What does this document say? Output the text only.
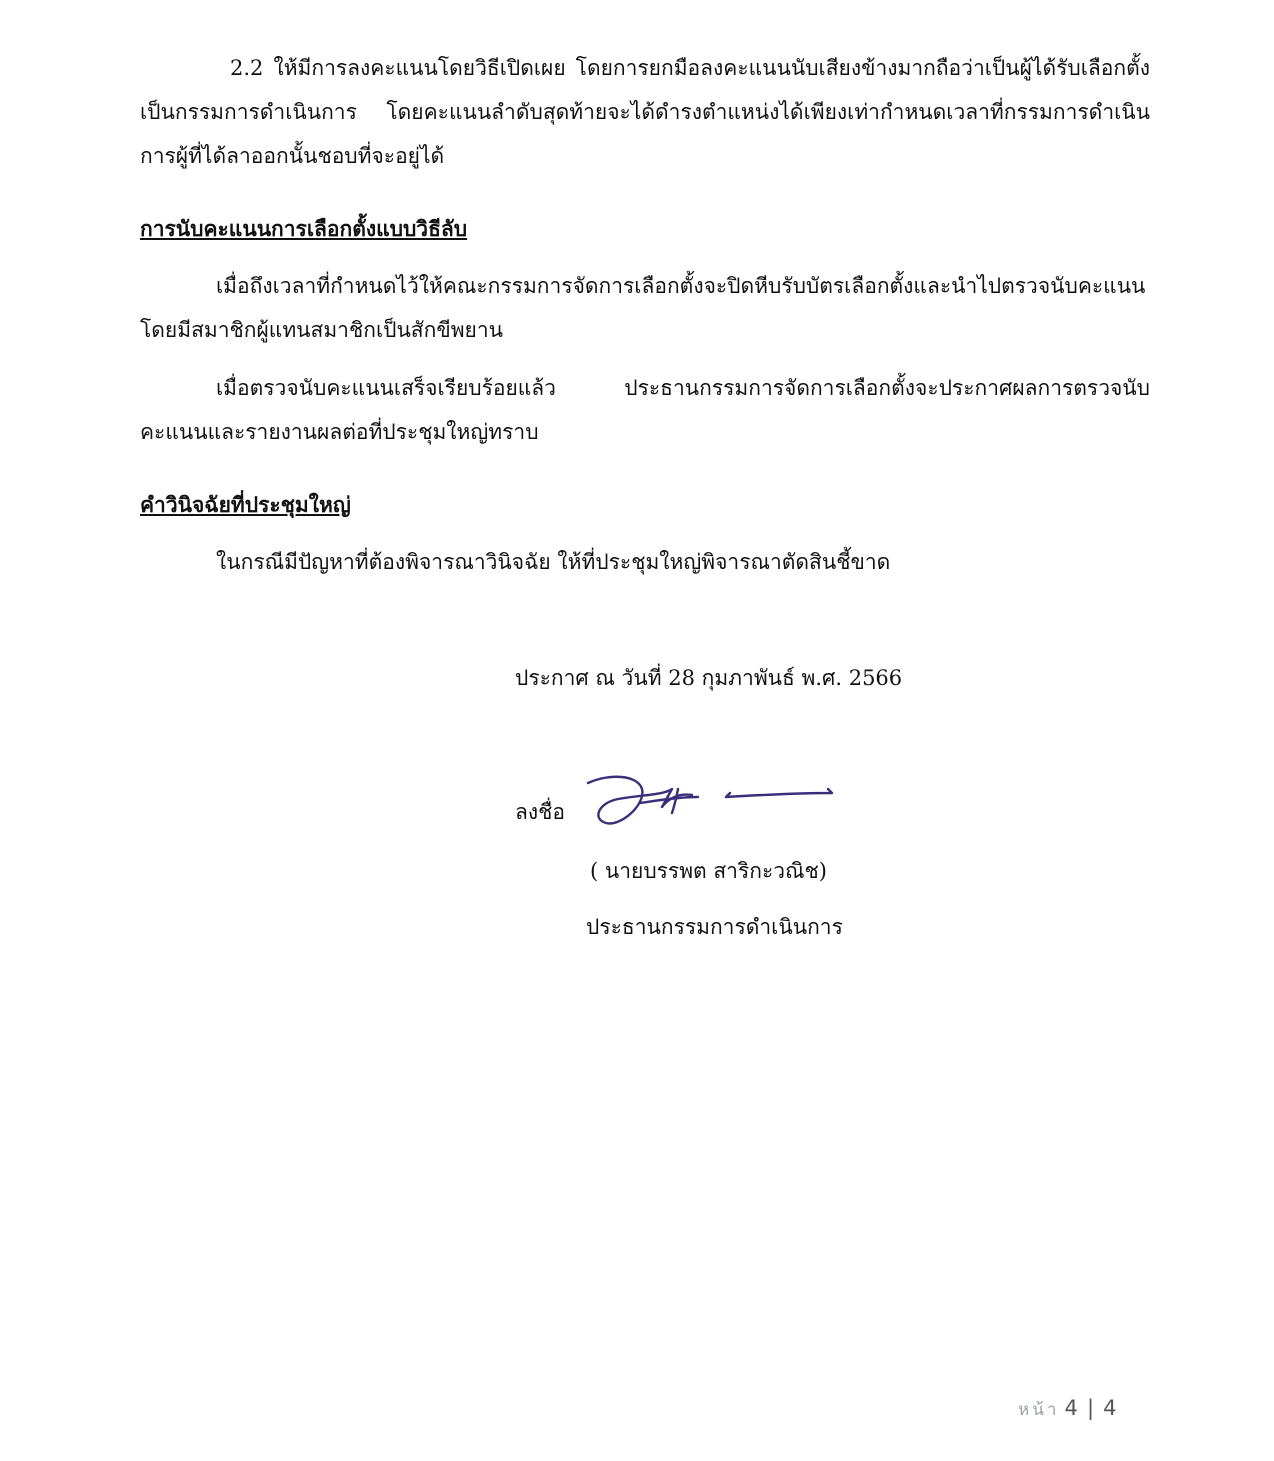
2.2 ให้มีการลงคะแนนโดยวิธีเปิดเผย โดยการยกมือลงคะแนนนับเสียงข้างมากถือว่าเป็นผู้ได้รับเลือกตั้งเป็นกรรมการดำเนินการ โดยคะแนนลำดับสุดท้ายจะได้ดำรงตำแหน่งได้เพียงเท่ากำหนดเวลาที่กรรมการดำเนินการผู้ที่ได้ลาออกนั้นชอบที่จะอยู่ได้

การนับคะแนนการเลือกตั้งแบบวิธีลับ

เมื่อถึงเวลาที่กำหนดไว้ให้คณะกรรมการจัดการเลือกตั้งจะปิดหีบรับบัตรเลือกตั้งและนำไปตรวจนับคะแนน โดยมีสมาชิกผู้แทนสมาชิกเป็นสักขีพยาน

เมื่อตรวจนับคะแนนเสร็จเรียบร้อยแล้ว ประธานกรรมการจัดการเลือกตั้งจะประกาศผลการตรวจนับคะแนนและรายงานผลต่อที่ประชุมใหญ่ทราบ

คำวินิจฉัยที่ประชุมใหญ่

ในกรณีมีปัญหาที่ต้องพิจารณาวินิจฉัย ให้ที่ประชุมใหญ่พิจารณาตัดสินชี้ขาด

ประกาศ ณ วันที่ 28 กุมภาพันธ์ พ.ศ. 2566

ลงชื่อ

( นายบรรพต สาริกะวณิช)

ประธานกรรมการดำเนินการ

หน้า 4 | 4
